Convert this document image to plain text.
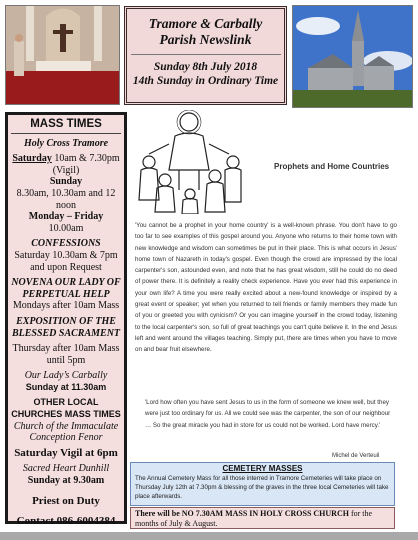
Tramore & Carbally
Parish Newslink
Sunday 8th July 2018
14th Sunday in Ordinary Time
MASS TIMES
Holy Cross Tramore
Saturday 10am & 7.30pm (Vigil)
Sunday
8.30am, 10.30am and 12 noon
Monday – Friday
10.00am
CONFESSIONS
Saturday 10.30am & 7pm and upon Request
NOVENA OUR LADY OF PERPETUAL HELP
Mondays after 10am Mass
EXPOSITION OF THE BLESSED SACRAMENT
Thursday after 10am Mass until 5pm
Our Lady’s Carbally
Sunday at 11.30am
OTHER LOCAL CHURCHES MASS TIMES
Church of the Immaculate Conception Fenor
Saturday Vigil at 6pm
Sacred Heart Dunhill
Sunday at 9.30am
Priest on Duty
Contact 086-6004384
Prophets and Home Countries
'You cannot be a prophet in your home country' is a well-known phrase. You don't have to go too far to see examples of this gospel around you. Anyone who returns to their home town with new knowledge and wisdom can sometimes be put in their place. This is what occurs in Jesus' home town of Nazareth in today's gospel. Even though the crowd are impressed by the local carpenter's son, astounded even, and note that he has great wisdom, still he could do no deed of power there. It is definitely a reality check experience. Have you ever had this experience in your own life? A time you were really excited about a new-found knowledge or inspired by a great event or speaker; yet when you returned to tell friends or family members they made fun of you or greeted you with cynicism? Or you can imagine yourself in the crowd today, listening to the local carpenter's son, so full of great teachings you can't quite believe it. In the end Jesus left and went around the villages teaching. Simply put, there are times when you have to move on and bear fruit elsewhere.
'Lord how often you have sent Jesus to us in the form of someone we knew well, but they were just too ordinary for us. All we could see was the carpenter, the son of our neighbour … So the great miracle you had in store for us could not be worked. Lord have mercy.'
Michel de Verteuil
CEMETERY MASSES
The Annual Cemetery Mass for all those interred in Tramore Cemeteries will take place on Thursday July 12th at 7.30pm & blessing of the graves in the three local Cemeteries will take place afterwards.
There will be NO 7.30AM MASS IN HOLY CROSS CHURCH for the months of July & August.
